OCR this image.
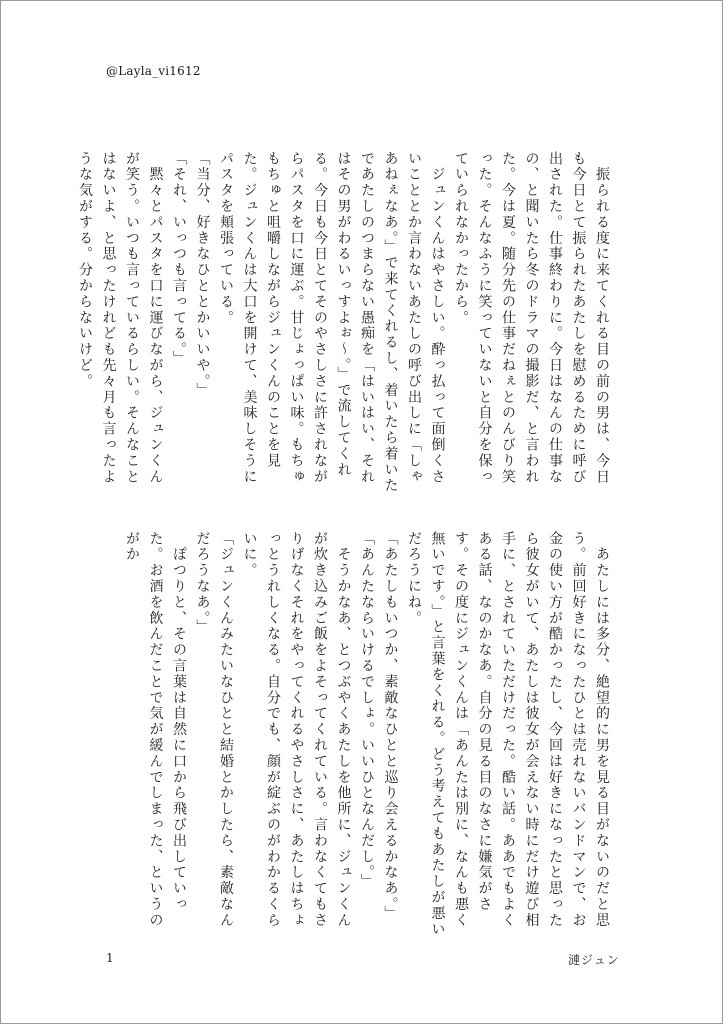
@Layla_vi1612

　振られる度に来てくれる目の前の男は、今日も今日とて振られたあたしを慰めるために呼び出された。仕事終わりに。今日はなんの仕事なの、と聞いたら冬のドラマの撮影だ、と言われた。今は夏。随分先の仕事だねぇとのんびり笑った。そんなふうに笑っていないと自分を保っていられなかったから。

　ジュンくんはやさしい。酔っ払って面倒くさいこととか言わないあたしの呼び出しに「しゃあねぇなあ。」で来てくれるし、着いたら着いたであたしのつまらない愚痴を「はいはい、それはその男がわるいっすよぉ〜。」で流してくれる。今日も今日とてそのやさしさに許されながらパスタを口に運ぶ。甘じょっぱい味。もちゅもちゅと咀嚼しながらジュンくんのことを見た。ジュンくんは大口を開けて、美味しそうにパスタを頬張っている。

「当分、好きなひととかいいや。」

「それ、いっつも言ってる。」

　黙々とパスタを口に運びながら、ジュンくんが笑う。いつも言っているらしい。そんなことはないよ、と思ったけれども先々月も言ったような気がする。分からないけど。

　あたしには多分、絶望的に男を見る目がないのだと思う。前回好きになったひとは売れないバンドマンで、お金の使い方が酷かったし、今回は好きになったと思ったら彼女がいて、あたしは彼女が会えない時にだけ遊び相手に、とされていただけだった。酷い話。ああでもよくある話、なのかなあ。自分の見る目のなさに嫌気がさす。その度にジュンくんは「あんたは別に、なんも悪く無いです。」と言葉をくれる。どう考えてもあたしが悪いだろうにね。

「あたしもいつか、素敵なひとと巡り会えるかなあ。」

「あんたならいけるでしょ。いいひとなんだし。」

　そうかなあ、とつぶやくあたしを他所に、ジュンくんが炊き込みご飯をよそってくれている。言わなくてもさりげなくそれをやってくれるやさしさに、あたしはちょっとうれしくなる。自分でも、顔が綻ぶのがわかるくらいに。

「ジュンくんみたいなひとと結婚とかしたら、素敵なんだろうなあ。」

　ぽつりと、その言葉は自然に口から飛び出していった。お酒を飲んだことで気が緩んでしまった、というのがか

1	漣ジュン
